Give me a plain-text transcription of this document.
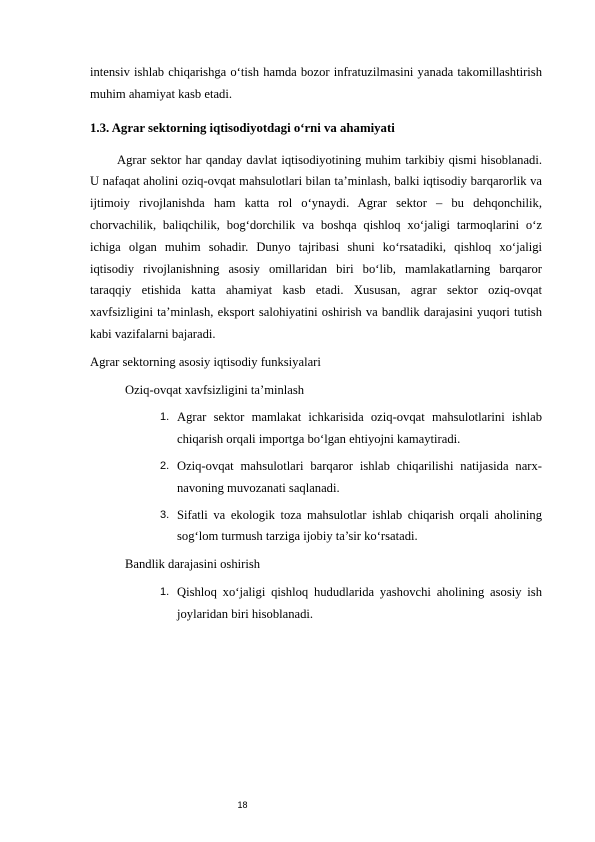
intensiv ishlab chiqarishga o‘tish hamda bozor infratuzilmasini yanada takomillashtirish muhim ahamiyat kasb etadi.

1.3. Agrar sektorning iqtisodiyotdagi o‘rni va ahamiyati

Agrar sektor har qanday davlat iqtisodiyotining muhim tarkibiy qismi hisoblanadi. U nafaqat aholini oziq-ovqat mahsulotlari bilan ta’minlash, balki iqtisodiy barqarorlik va ijtimoiy rivojlanishda ham katta rol o‘ynaydi. Agrar sektor – bu dehqonchilik, chorvachilik, baliqchilik, bog‘dorchilik va boshqa qishloq xo‘jaligi tarmoqlarini o‘z ichiga olgan muhim sohadir. Dunyo tajribasi shuni ko‘rsatadiki, qishloq xo‘jaligi iqtisodiy rivojlanishning asosiy omillaridan biri bo‘lib, mamlakatlarning barqaror taraqqiy etishida katta ahamiyat kasb etadi. Xususan, agrar sektor oziq-ovqat xavfsizligini ta’minlash, eksport salohiyatini oshirish va bandlik darajasini yuqori tutish kabi vazifalarni bajaradi.

Agrar sektorning asosiy iqtisodiy funksiyalari

Oziq-ovqat xavfsizligini ta’minlash
1. Agrar sektor mamlakat ichkarisida oziq-ovqat mahsulotlarini ishlab chiqarish orqali importga bo‘lgan ehtiyojni kamaytiradi.
2. Oziq-ovqat mahsulotlari barqaror ishlab chiqarilishi natijasida narx-navoning muvozanati saqlanadi.
3. Sifatli va ekologik toza mahsulotlar ishlab chiqarish orqali aholining sog‘lom turmush tarziga ijobiy ta’sir ko‘rsatadi.
Bandlik darajasini oshirish
1. Qishloq xo‘jaligi qishloq hududlarida yashovchi aholining asosiy ish joylaridan biri hisoblanadi.
18
